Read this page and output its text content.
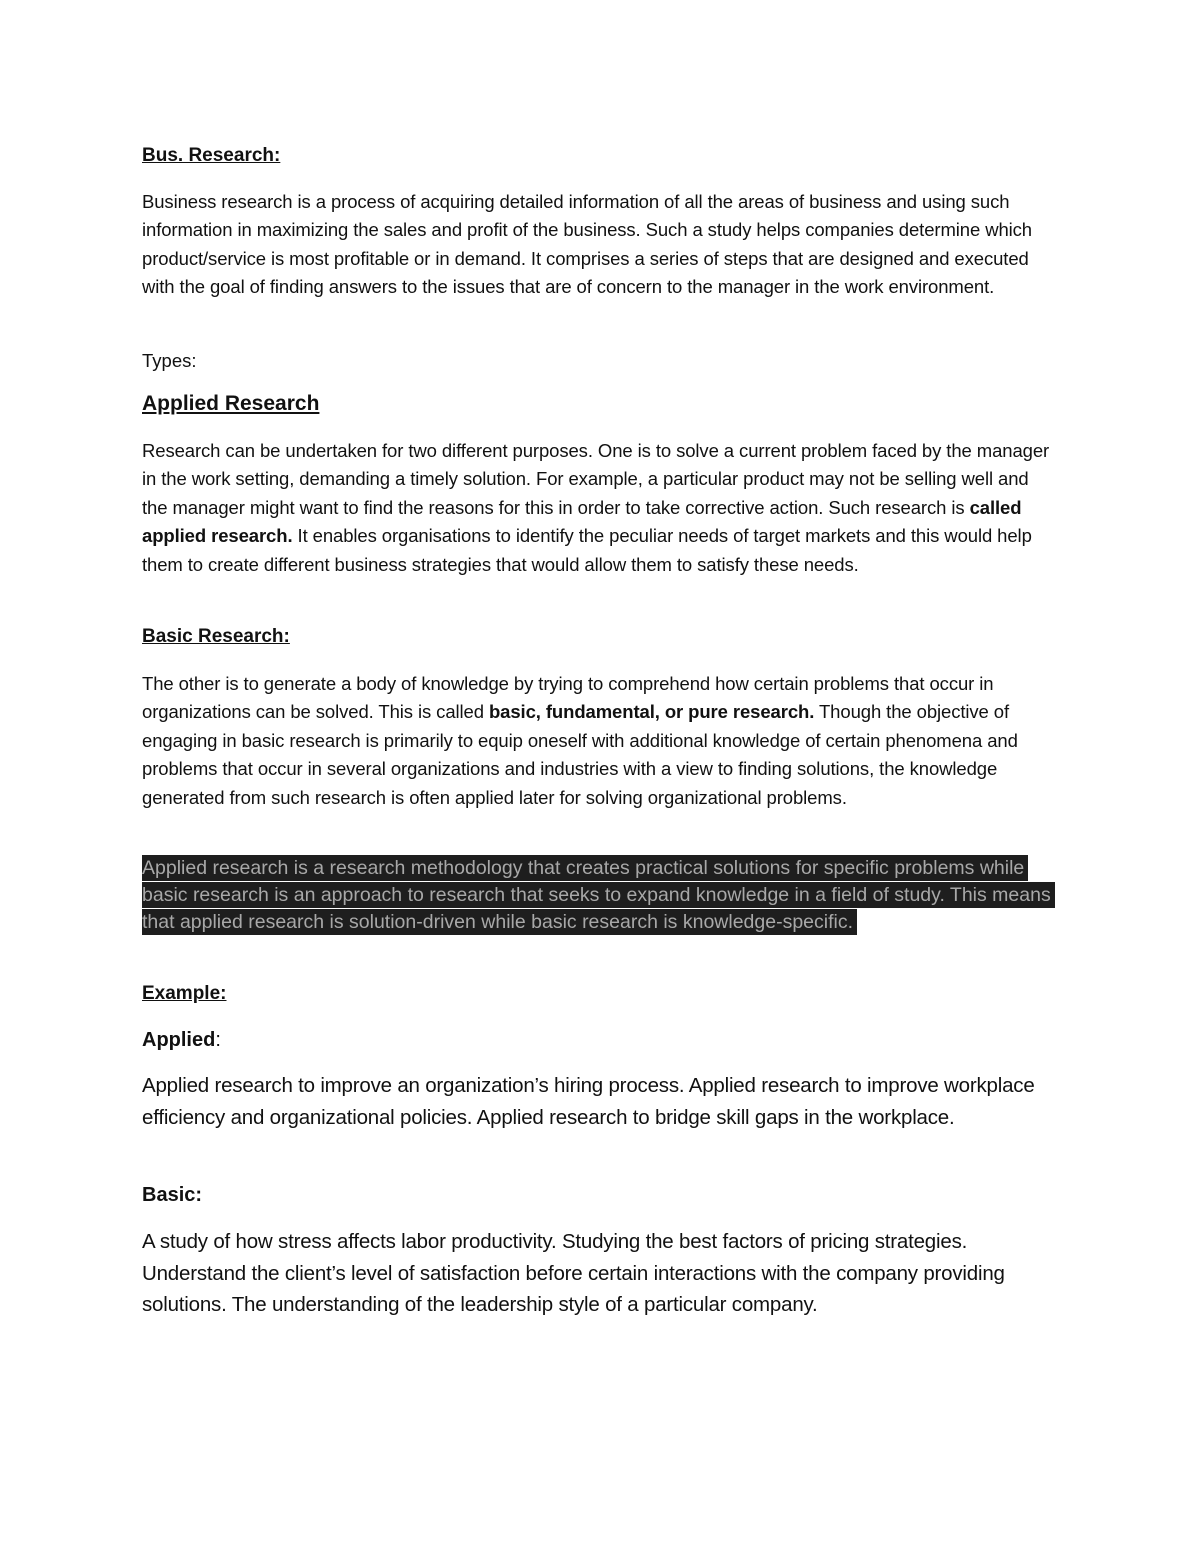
Bus. Research:

Business research is a process of acquiring detailed information of all the areas of business and using such information in maximizing the sales and profit of the business. Such a study helps companies determine which product/service is most profitable or in demand. It comprises a series of steps that are designed and executed with the goal of finding answers to the issues that are of concern to the manager in the work environment.

Types:

Applied Research

Research can be undertaken for two different purposes. One is to solve a current problem faced by the manager in the work setting, demanding a timely solution. For example, a particular product may not be selling well and the manager might want to find the reasons for this in order to take corrective action. Such research is called applied research. It enables organisations to identify the peculiar needs of target markets and this would help them to create different business strategies that would allow them to satisfy these needs.

Basic Research:

The other is to generate a body of knowledge by trying to comprehend how certain problems that occur in organizations can be solved. This is called basic, fundamental, or pure research. Though the objective of engaging in basic research is primarily to equip oneself with additional knowledge of certain phenomena and problems that occur in several organizations and industries with a view to finding solutions, the knowledge generated from such research is often applied later for solving organizational problems.

Applied research is a research methodology that creates practical solutions for specific problems while basic research is an approach to research that seeks to expand knowledge in a field of study. This means that applied research is solution-driven while basic research is knowledge-specific.

Example:

Applied:

Applied research to improve an organization’s hiring process. Applied research to improve workplace efficiency and organizational policies. Applied research to bridge skill gaps in the workplace.

Basic:

A study of how stress affects labor productivity. Studying the best factors of pricing strategies. Understand the client’s level of satisfaction before certain interactions with the company providing solutions. The understanding of the leadership style of a particular company.
